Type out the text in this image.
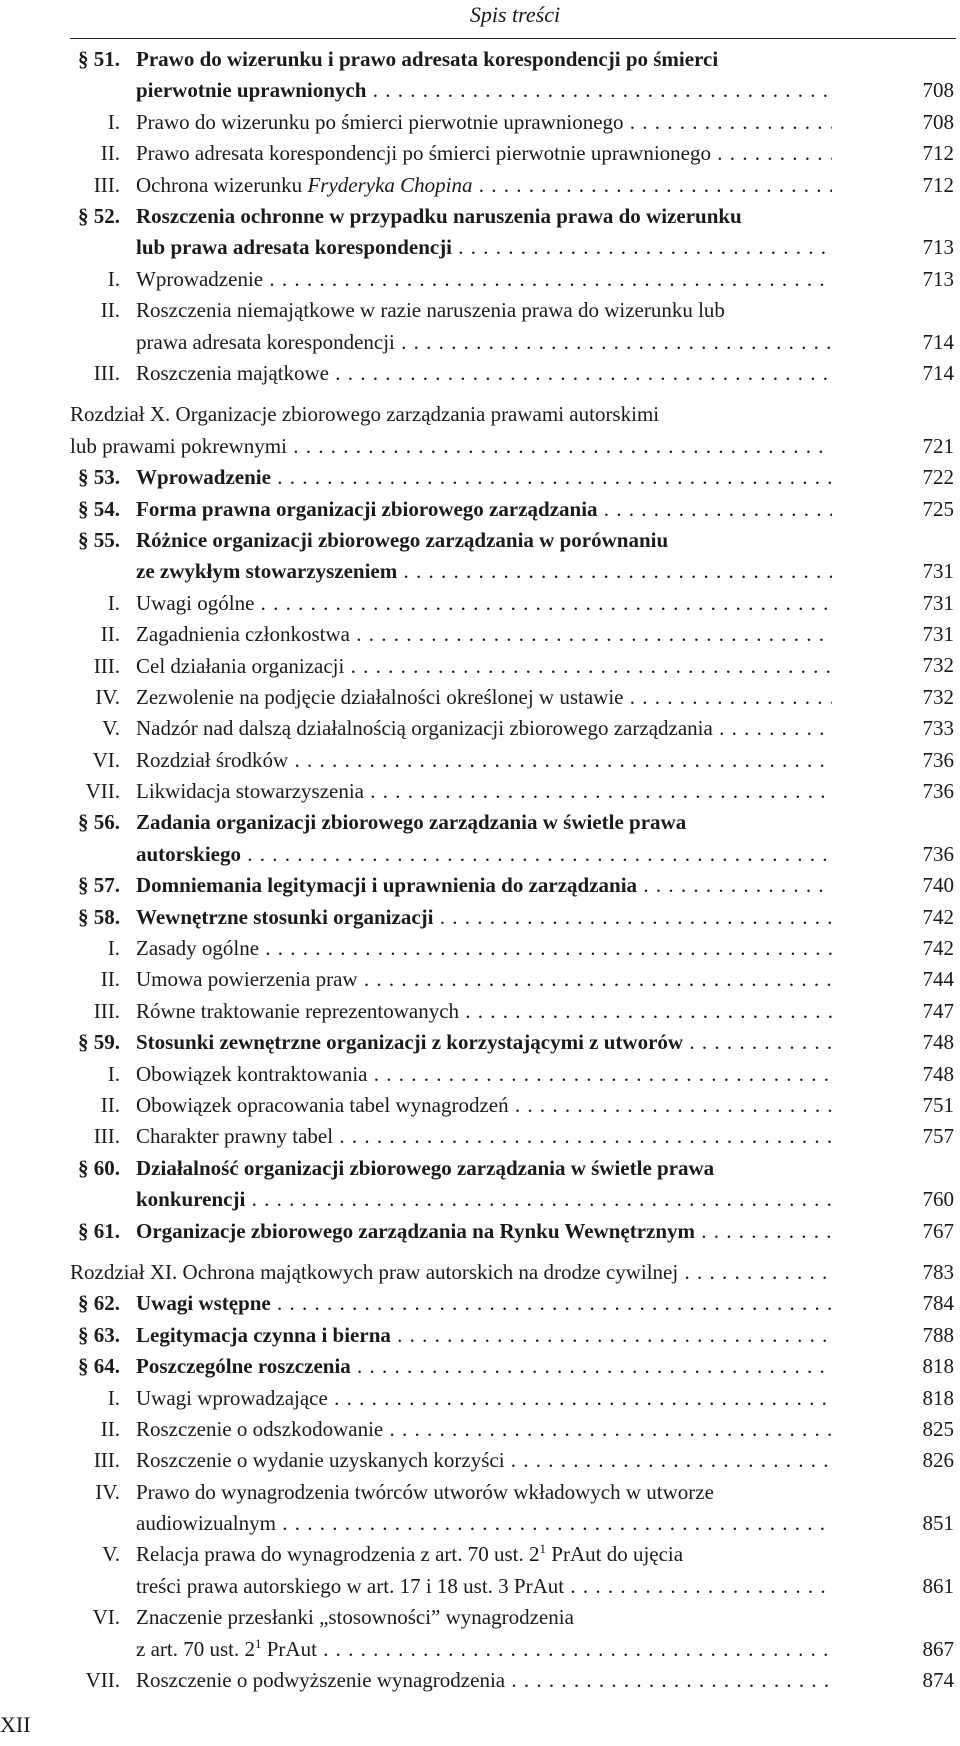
Spis treści
§ 51. Prawo do wizerunku i prawo adresata korespondencji po śmierci
pierwotnie uprawnionych . . .	708
I. Prawo do wizerunku po śmierci pierwotnie uprawnionego . . .	708
II. Prawo adresata korespondencji po śmierci pierwotnie uprawnionego . . .	712
III. Ochrona wizerunku Fryderyka Chopina . . .	712
§ 52. Roszczenia ochronne w przypadku naruszenia prawa do wizerunku
lub prawa adresata korespondencji . . .	713
I. Wprowadzenie . . .	713
II. Roszczenia niemajątkowe w razie naruszenia prawa do wizerunku lub
prawa adresata korespondencji . . .	714
III. Roszczenia majątkowe . . .	714
Rozdział X. Organizacje zbiorowego zarządzania prawami autorskimi
lub prawami pokrewnymi . . .	721
§ 53. Wprowadzenie . . .	722
§ 54. Forma prawna organizacji zbiorowego zarządzania . . .	725
§ 55. Różnice organizacji zbiorowego zarządzania w porównaniu
ze zwykłym stowarzyszeniem . . .	731
I. Uwagi ogólne . . .	731
II. Zagadnienia członkostwa . . .	731
III. Cel działania organizacji . . .	732
IV. Zezwolenie na podjęcie działalności określonej w ustawie . . .	732
V. Nadzór nad dalszą działalnością organizacji zbiorowego zarządzania . . .	733
VI. Rozdział środków . . .	736
VII. Likwidacja stowarzyszenia . . .	736
§ 56. Zadania organizacji zbiorowego zarządzania w świetle prawa
autorskiego . . .	736
§ 57. Domniemania legitymacji i uprawnienia do zarządzania . . .	740
§ 58. Wewnętrzne stosunki organizacji . . .	742
I. Zasady ogólne . . .	742
II. Umowa powierzenia praw . . .	744
III. Równe traktowanie reprezentowanych . . .	747
§ 59. Stosunki zewnętrzne organizacji z korzystającymi z utworów . . .	748
I. Obowiązek kontraktowania . . .	748
II. Obowiązek opracowania tabel wynagrodzeń . . .	751
III. Charakter prawny tabel . . .	757
§ 60. Działalność organizacji zbiorowego zarządzania w świetle prawa
konkurencji . . .	760
§ 61. Organizacje zbiorowego zarządzania na Rynku Wewnętrznym . . .	767
Rozdział XI. Ochrona majątkowych praw autorskich na drodze cywilnej . . .	783
§ 62. Uwagi wstępne . . .	784
§ 63. Legitymacja czynna i bierna . . .	788
§ 64. Poszczególne roszczenia . . .	818
I. Uwagi wprowadzające . . .	818
II. Roszczenie o odszkodowanie . . .	825
III. Roszczenie o wydanie uzyskanych korzyści . . .	826
IV. Prawo do wynagrodzenia twórców utworów wkładowych w utworze
audiowizualnym . . .	851
V. Relacja prawa do wynagrodzenia z art. 70 ust. $2^1$ PrAut do ujęcia
treści prawa autorskiego w art. 17 i 18 ust. 3 PrAut . . .	861
VI. Znaczenie przesłanki „stosowności” wynagrodzenia
z art. 70 ust. $2^1$ PrAut . . .	867
VII. Roszczenie o podwyższenie wynagrodzenia . . .	874
XII
